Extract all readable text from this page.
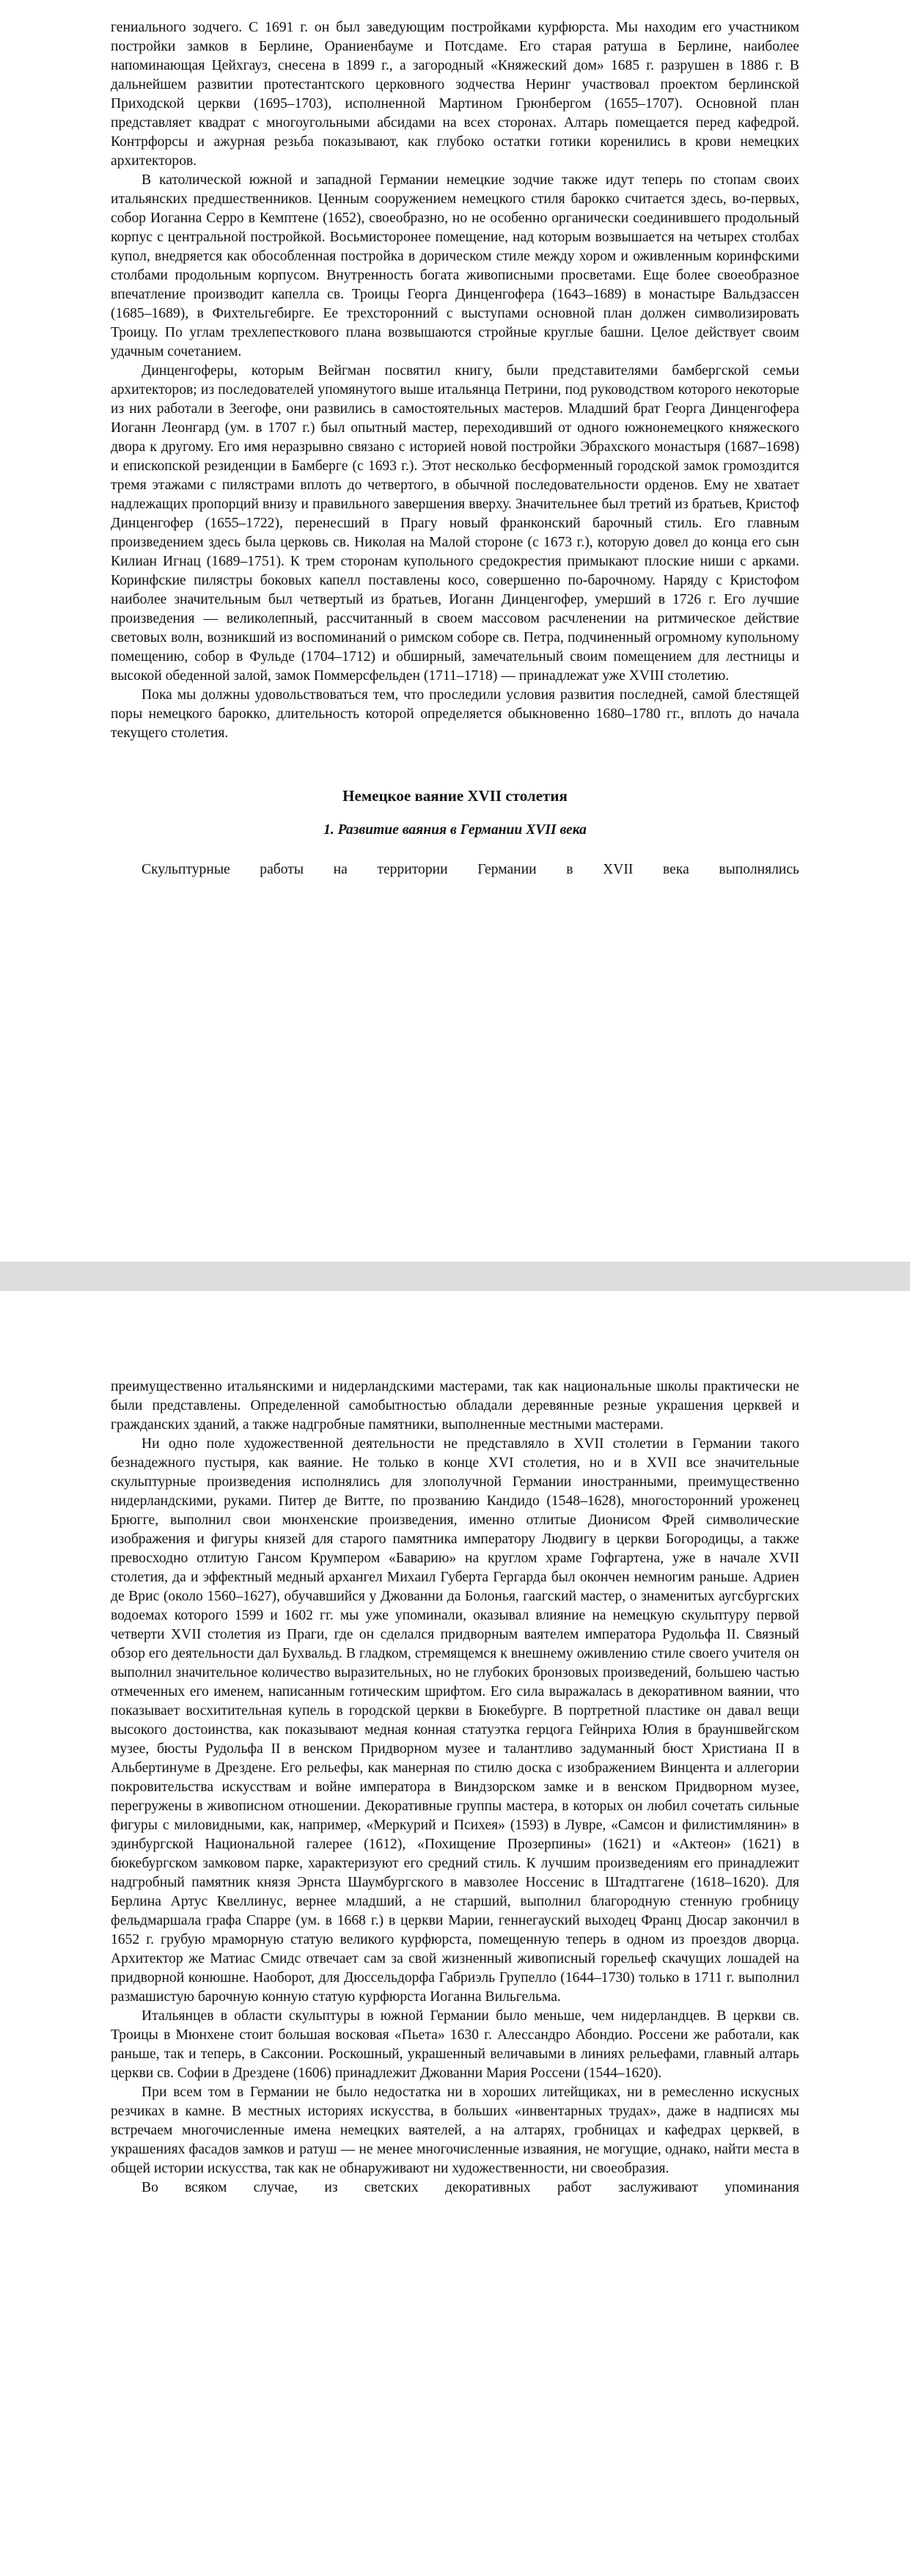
гениального зодчего. С 1691 г. он был заведующим постройками курфюрста. Мы находим его участником постройки замков в Берлине, Ораниенбауме и Потсдаме. Его старая ратуша в Берлине, наиболее напоминающая Цейхгауз, снесена в 1899 г., а загородный «Княжеский дом» 1685 г. разрушен в 1886 г. В дальнейшем развитии протестантского церковного зодчества Неринг участвовал проектом берлинской Приходской церкви (1695–1703), исполненной Мартином Грюнбергом (1655–1707). Основной план представляет квадрат с многоугольными абсидами на всех сторонах. Алтарь помещается перед кафедрой. Контрфорсы и ажурная резьба показывают, как глубоко остатки готики коренились в крови немецких архитекторов.

В католической южной и западной Германии немецкие зодчие также идут теперь по стопам своих итальянских предшественников. Ценным сооружением немецкого стиля барокко считается здесь, во-первых, собор Иоганна Серро в Кемптене (1652), своеобразно, но не особенно органически соединившего продольный корпус с центральной постройкой. Восьмисторонее помещение, над которым возвышается на четырех столбах купол, внедряется как обособленная постройка в дорическом стиле между хором и оживленным коринфскими столбами продольным корпусом. Внутренность богата живописными просветами. Еще более своеобразное впечатление производит капелла св. Троицы Георга Динценгофера (1643–1689) в монастыре Вальдзассен (1685–1689), в Фихтельгебирге. Ее трехсторонний с выступами основной план должен символизировать Троицу. По углам трехлепесткового плана возвышаются стройные круглые башни. Целое действует своим удачным сочетанием.

Динценгоферы, которым Вейгман посвятил книгу, были представителями бамбергской семьи архитекторов; из последователей упомянутого выше итальянца Петрини, под руководством которого некоторые из них работали в Зеегофе, они развились в самостоятельных мастеров. Младший брат Георга Динценгофера Иоганн Леонгард (ум. в 1707 г.) был опытный мастер, переходивший от одного южнонемецкого княжеского двора к другому. Его имя неразрывно связано с историей новой постройки Эбрахского монастыря (1687–1698) и епископской резиденции в Бамберге (с 1693 г.). Этот несколько бесформенный городской замок громоздится тремя этажами с пилястрами вплоть до четвертого, в обычной последовательности орденов. Ему не хватает надлежащих пропорций внизу и правильного завершения вверху. Значительнее был третий из братьев, Кристоф Динценгофер (1655–1722), перенесший в Прагу новый франконский барочный стиль. Его главным произведением здесь была церковь св. Николая на Малой стороне (с 1673 г.), которую довел до конца его сын Килиан Игнац (1689–1751). К трем сторонам купольного средокрестия примыкают плоские ниши с арками. Коринфские пилястры боковых капелл поставлены косо, совершенно по-барочному. Наряду с Кристофом наиболее значительным был четвертый из братьев, Иоганн Динценгофер, умерший в 1726 г. Его лучшие произведения — великолепный, рассчитанный в своем массовом расчленении на ритмическое действие световых волн, возникший из воспоминаний о римском соборе св. Петра, подчиненный огромному купольному помещению, собор в Фульде (1704–1712) и обширный, замечательный своим помещением для лестницы и высокой обеденной залой, замок Поммерсфельден (1711–1718) — принадлежат уже XVIII столетию.

Пока мы должны удовольствоваться тем, что проследили условия развития последней, самой блестящей поры немецкого барокко, длительность которой определяется обыкновенно 1680–1780 гг., вплоть до начала текущего столетия.

Немецкое ваяние XVII столетия
1. Развитие ваяния в Германии XVII века

Скульптурные работы на территории Германии в XVII века выполнялись

преимущественно итальянскими и нидерландскими мастерами, так как национальные школы практически не были представлены. Определенной самобытностью обладали деревянные резные украшения церквей и гражданских зданий, а также надгробные памятники, выполненные местными мастерами.

Ни одно поле художественной деятельности не представляло в XVII столетии в Германии такого безнадежного пустыря, как ваяние. Не только в конце XVI столетия, но и в XVII все значительные скульптурные произведения исполнялись для злополучной Германии иностранными, преимущественно нидерландскими, руками. Питер де Витте, по прозванию Кандидо (1548–1628), многосторонний уроженец Брюгге, выполнил свои мюнхенские произведения, именно отлитые Дионисом Фрей символические изображения и фигуры князей для старого памятника императору Людвигу в церкви Богородицы, а также превосходно отлитую Гансом Крумпером «Баварию» на круглом храме Гофгартена, уже в начале XVII столетия, да и эффектный медный архангел Михаил Губерта Гергарда был окончен немногим раньше. Адриен де Врис (около 1560–1627), обучавшийся у Джованни да Болонья, гаагский мастер, о знаменитых аугсбургских водоемах которого 1599 и 1602 гг. мы уже упоминали, оказывал влияние на немецкую скульптуру первой четверти XVII столетия из Праги, где он сделался придворным ваятелем императора Рудольфа II. Связный обзор его деятельности дал Бухвальд. В гладком, стремящемся к внешнему оживлению стиле своего учителя он выполнил значительное количество выразительных, но не глубоких бронзовых произведений, большею частью отмеченных его именем, написанным готическим шрифтом. Его сила выражалась в декоративном ваянии, что показывает восхитительная купель в городской церкви в Бюкебурге. В портретной пластике он давал вещи высокого достоинства, как показывают медная конная статуэтка герцога Гейнриха Юлия в брауншвейгском музее, бюсты Рудольфа II в венском Придворном музее и талантливо задуманный бюст Христиана II в Альбертинуме в Дрездене. Его рельефы, как манерная по стилю доска с изображением Винцента и аллегории покровительства искусствам и войне императора в Виндзорском замке и в венском Придворном музее, перегружены в живописном отношении. Декоративные группы мастера, в которых он любил сочетать сильные фигуры с миловидными, как, например, «Меркурий и Психея» (1593) в Лувре, «Самсон и филистимлянин» в эдинбургской Национальной галерее (1612), «Похищение Прозерпины» (1621) и «Актеон» (1621) в бюкебургском замковом парке, характеризуют его средний стиль. К лучшим произведениям его принадлежит надгробный памятник князя Эрнста Шаумбургского в мавзолее Носсенис в Штадтгагене (1618–1620). Для Берлина Артус Квеллинус, вернее младший, а не старший, выполнил благородную стенную гробницу фельдмаршала графа Спарре (ум. в 1668 г.) в церкви Марии, геннегауский выходец Франц Дюсар закончил в 1652 г. грубую мраморную статую великого курфюрста, помещенную теперь в одном из проездов дворца. Архитектор же Матиас Смидс отвечает сам за свой жизненный живописный горельеф скачущих лошадей на придворной конюшне. Наоборот, для Дюссельдорфа Габриэль Групелло (1644–1730) только в 1711 г. выполнил размашистую барочную конную статую курфюрста Иоганна Вильгельма.

Итальянцев в области скульптуры в южной Германии было меньше, чем нидерландцев. В церкви св. Троицы в Мюнхене стоит большая восковая «Пьета» 1630 г. Алессандро Абондио. Россени же работали, как раньше, так и теперь, в Саксонии. Роскошный, украшенный величавыми в линиях рельефами, главный алтарь церкви св. Софии в Дрездене (1606) принадлежит Джованни Мария Россени (1544–1620).

При всем том в Германии не было недостатка ни в хороших литейщиках, ни в ремесленно искусных резчиках в камне. В местных историях искусства, в больших «инвентарных трудах», даже в надписях мы встречаем многочисленные имена немецких ваятелей, а на алтарях, гробницах и кафедрах церквей, в украшениях фасадов замков и ратуш — не менее многочисленные изваяния, не могущие, однако, найти места в общей истории искусства, так как не обнаруживают ни художественности, ни своеобразия.

Во всяком случае, из светских декоративных работ заслуживают упоминания
